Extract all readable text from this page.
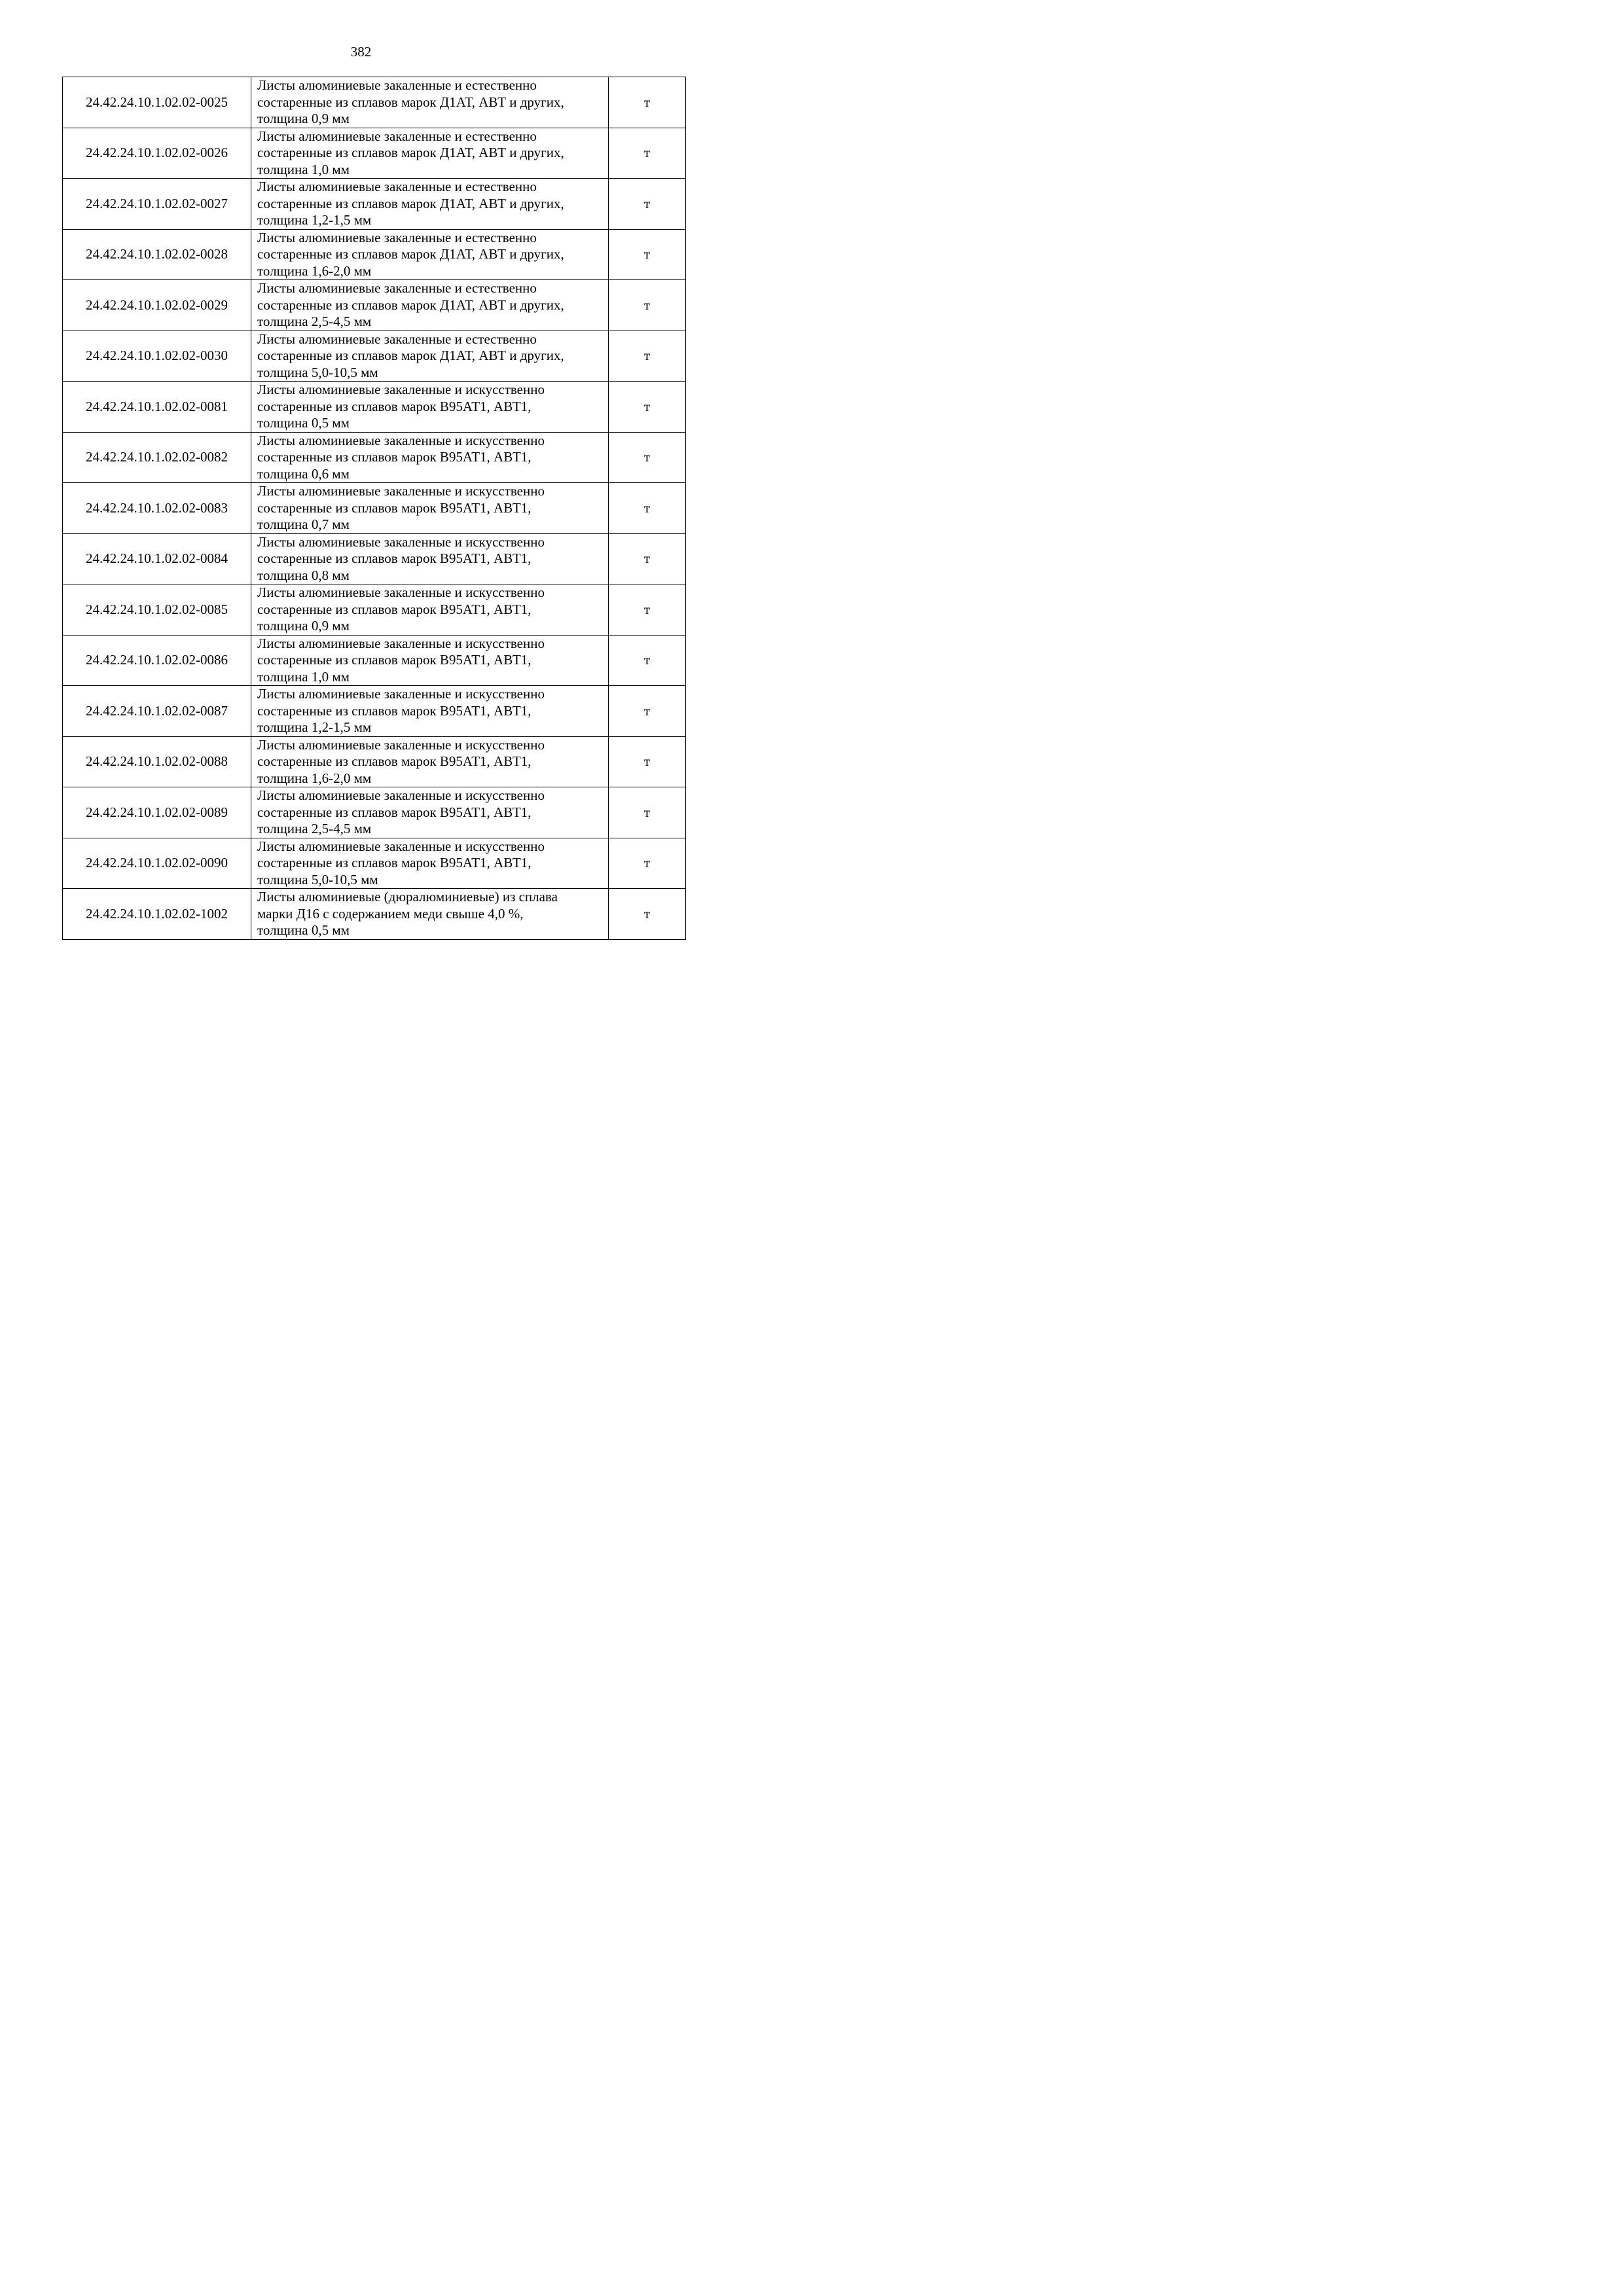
382
24.42.24.10.1.02.02-0025	Листы алюминиевые закаленные и естественно
состаренные из сплавов марок Д1АТ, АВТ и других,
толщина 0,9 мм	т
24.42.24.10.1.02.02-0026	Листы алюминиевые закаленные и естественно
состаренные из сплавов марок Д1АТ, АВТ и других,
толщина 1,0 мм	т
24.42.24.10.1.02.02-0027	Листы алюминиевые закаленные и естественно
состаренные из сплавов марок Д1АТ, АВТ и других,
толщина 1,2-1,5 мм	т
24.42.24.10.1.02.02-0028	Листы алюминиевые закаленные и естественно
состаренные из сплавов марок Д1АТ, АВТ и других,
толщина 1,6-2,0 мм	т
24.42.24.10.1.02.02-0029	Листы алюминиевые закаленные и естественно
состаренные из сплавов марок Д1АТ, АВТ и других,
толщина 2,5-4,5 мм	т
24.42.24.10.1.02.02-0030	Листы алюминиевые закаленные и естественно
состаренные из сплавов марок Д1АТ, АВТ и других,
толщина 5,0-10,5 мм	т
24.42.24.10.1.02.02-0081	Листы алюминиевые закаленные и искусственно
состаренные из сплавов марок В95АТ1, АВТ1,
толщина 0,5 мм	т
24.42.24.10.1.02.02-0082	Листы алюминиевые закаленные и искусственно
состаренные из сплавов марок В95АТ1, АВТ1,
толщина 0,6 мм	т
24.42.24.10.1.02.02-0083	Листы алюминиевые закаленные и искусственно
состаренные из сплавов марок В95АТ1, АВТ1,
толщина 0,7 мм	т
24.42.24.10.1.02.02-0084	Листы алюминиевые закаленные и искусственно
состаренные из сплавов марок В95АТ1, АВТ1,
толщина 0,8 мм	т
24.42.24.10.1.02.02-0085	Листы алюминиевые закаленные и искусственно
состаренные из сплавов марок В95АТ1, АВТ1,
толщина 0,9 мм	т
24.42.24.10.1.02.02-0086	Листы алюминиевые закаленные и искусственно
состаренные из сплавов марок В95АТ1, АВТ1,
толщина 1,0 мм	т
24.42.24.10.1.02.02-0087	Листы алюминиевые закаленные и искусственно
состаренные из сплавов марок В95АТ1, АВТ1,
толщина 1,2-1,5 мм	т
24.42.24.10.1.02.02-0088	Листы алюминиевые закаленные и искусственно
состаренные из сплавов марок В95АТ1, АВТ1,
толщина 1,6-2,0 мм	т
24.42.24.10.1.02.02-0089	Листы алюминиевые закаленные и искусственно
состаренные из сплавов марок В95АТ1, АВТ1,
толщина 2,5-4,5 мм	т
24.42.24.10.1.02.02-0090	Листы алюминиевые закаленные и искусственно
состаренные из сплавов марок В95АТ1, АВТ1,
толщина 5,0-10,5 мм	т
24.42.24.10.1.02.02-1002	Листы алюминиевые (дюралюминиевые) из сплава
марки Д16 с содержанием меди свыше 4,0 %,
толщина 0,5 мм	т
